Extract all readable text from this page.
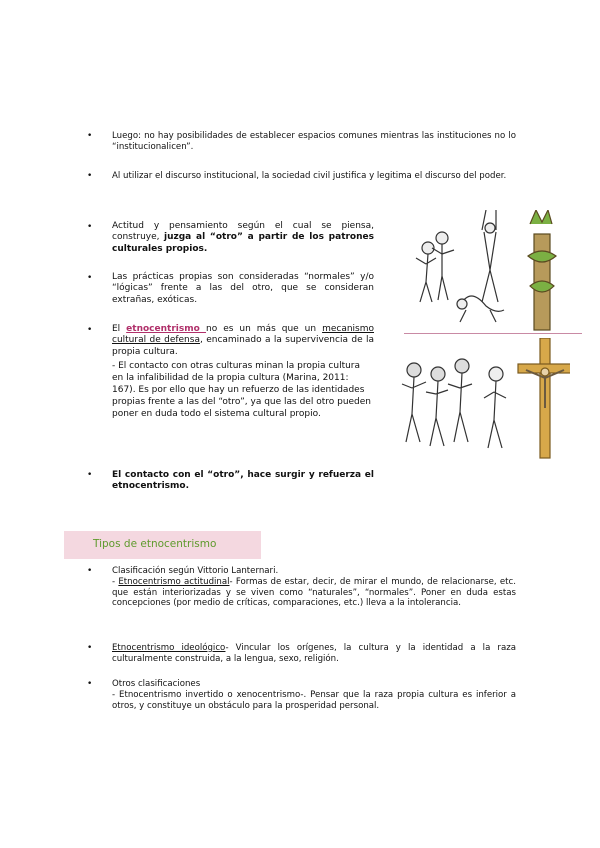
• Luego: no hay posibilidades de establecer espacios comunes mientras las instituciones no lo “institucionalicen”.
• Al utilizar el discurso institucional, la sociedad civil justifica y legitima el discurso del poder.
• Actitud y pensamiento según el cual se piensa, construye, juzga al “otro” a partir de los patrones culturales propios.
• Las prácticas propias son consideradas “normales” y/o “lógicas” frente a las del otro, que se consideran extrañas, exóticas.
• El etnocentrismo no es un más que un mecanismo cultural de defensa, encaminado a la supervivencia de la propia cultura.
- El contacto con otras culturas minan la propia cultura en la infalibilidad de la propia cultura (Marina, 2011: 167). Es por ello que hay un refuerzo de las identidades propias frente a las del “otro”, ya que las del otro pueden poner en duda todo el sistema cultural propio.
• El contacto con el “otro”, hace surgir y refuerza el etnocentrismo.
Tipos de etnocentrismo
• Clasificación según Vittorio Lanternari.
- Etnocentrismo actitudinal- Formas de estar, decir, de mirar el mundo, de relacionarse, etc. que están interiorizadas y se viven como “naturales”, “normales”. Poner en duda estas concepciones (por medio de críticas, comparaciones, etc.) lleva a la intolerancia.
• Etnocentrismo ideológico- Vincular los orígenes, la cultura y la identidad a la raza culturalmente construida, a la lengua, sexo, religión.
• Otros clasificaciones
- Etnocentrismo invertido o xenocentrismo-. Pensar que la raza propia cultura es inferior a otros, y constituye un obstáculo para la prosperidad personal.
